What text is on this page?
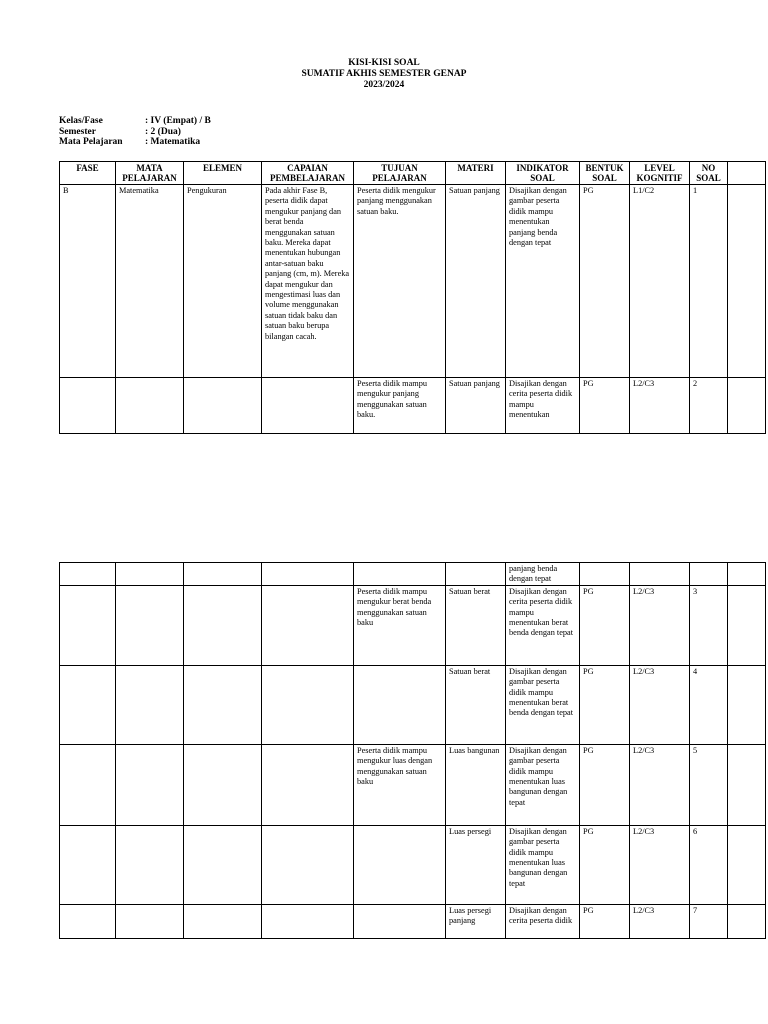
KISI-KISI SOAL
SUMATIF AKHIS SEMESTER GENAP
2023/2024
Kelas/Fase	: IV (Empat) / B
Semester	: 2 (Dua)
Mata Pelajaran	: Matematika
FASE	MATA PELAJARAN	ELEMEN	CAPAIAN PEMBELAJARAN	TUJUAN PELAJARAN	MATERI	INDIKATOR SOAL	BENTUK SOAL	LEVEL KOGNITIF	NO SOAL	
B	Matematika	Pengukuran	Pada akhir Fase B, peserta didik dapat mengukur panjang dan berat benda menggunakan satuan baku. Mereka dapat menentukan hubungan antar-satuan baku panjang (cm, m). Mereka dapat mengukur dan mengestimasi luas dan volume menggunakan satuan tidak baku dan satuan baku berupa bilangan cacah.	Peserta didik mengukur panjang menggunakan satuan baku.	Satuan panjang	Disajikan dengan gambar peserta didik mampu menentukan panjang benda dengan tepat	PG	L1/C2	1	
				Peserta didik mampu mengukur panjang menggunakan satuan baku.	Satuan panjang	Disajikan dengan cerita peserta didik mampu menentukan	PG	L2/C3	2	
						panjang benda dengan tepat				
				Peserta didik mampu mengukur berat benda menggunakan satuan baku	Satuan berat	Disajikan dengan cerita peserta didik mampu menentukan berat benda dengan tepat	PG	L2/C3	3	
					Satuan berat	Disajikan dengan gambar peserta didik mampu menentukan berat benda dengan tepat	PG	L2/C3	4	
				Peserta didik mampu mengukur luas dengan menggunakan satuan baku	Luas bangunan	Disajikan dengan gambar peserta didik mampu menentukan luas bangunan dengan tepat	PG	L2/C3	5	
					Luas persegi	Disajikan dengan gambar peserta didik mampu menentukan luas bangunan dengan tepat	PG	L2/C3	6	
					Luas persegi panjang	Disajikan dengan cerita peserta didik	PG	L2/C3	7	
